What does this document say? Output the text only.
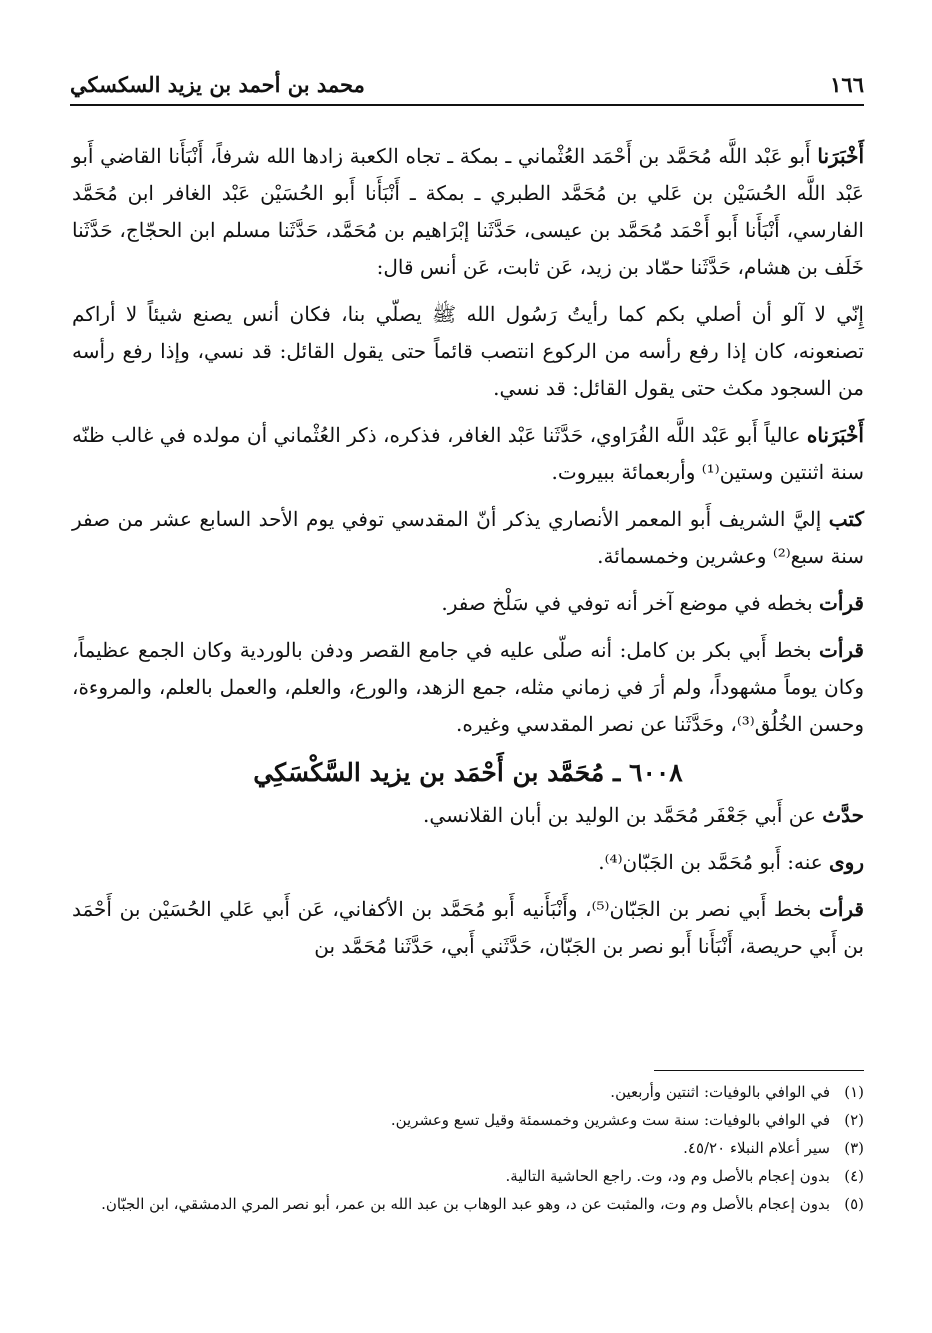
١٦٦
محمد بن أحمد بن يزيد السكسكي

أَخْبَرَنا أَبو عَبْد اللَّه مُحَمَّد بن أَحْمَد العُثْماني ـ بمكة ـ تجاه الكعبة زادها الله شرفاً، أَنْبَأَنا القاضي أَبو عَبْد اللَّه الحُسَيْن بن عَلي بن مُحَمَّد الطبري ـ بمكة ـ أَنْبَأَنا أَبو الحُسَيْن عَبْد الغافر ابن مُحَمَّد الفارسي، أَنْبَأَنا أَبو أَحْمَد مُحَمَّد بن عيسى، حَدَّثَنا إبْرَاهيم بن مُحَمَّد، حَدَّثَنا مسلم ابن الحجّاج، حَدَّثَنا خَلَف بن هشام، حَدَّثَنا حمّاد بن زيد، عَن ثابت، عَن أنس قال:

إِنّي لا آلو أن أصلي بكم كما رأيتُ رَسُول الله ﷺ يصلّي بنا، فكان أنس يصنع شيئاً لا أراكم تصنعونه، كان إذا رفع رأسه من الركوع انتصب قائماً حتى يقول القائل: قد نسي، وإذا رفع رأسه من السجود مكث حتى يقول القائل: قد نسي.

أَخْبَرَناه عالياً أَبو عَبْد اللَّه الفُرَاوي، حَدَّثَنا عَبْد الغافر، فذكره، ذكر العُثْماني أن مولده في غالب ظنّه سنة اثنتين وستين⁽¹⁾ وأربعمائة ببيروت.

كتب إليَّ الشريف أَبو المعمر الأنصاري يذكر أنّ المقدسي توفي يوم الأحد السابع عشر من صفر سنة سبع⁽²⁾ وعشرين وخمسمائة.

قرأت بخطه في موضع آخر أنه توفي في سَلْخ صفر.

قرأت بخط أَبي بكر بن كامل: أنه صلّى عليه في جامع القصر ودفن بالوردية وكان الجمع عظيماً، وكان يوماً مشهوداً، ولم أرَ في زماني مثله، جمع الزهد، والورع، والعلم، والعمل بالعلم، والمروءة، وحسن الخُلُق⁽³⁾، وحَدَّثَنا عن نصر المقدسي وغيره.

٦٠٠٨ ـ مُحَمَّد بن أَحْمَد بن يزيد السَّكْسَكِي

حدَّث عن أَبي جَعْفَر مُحَمَّد بن الوليد بن أبان القلانسي.

روى عنه: أَبو مُحَمَّد بن الجَبّان⁽⁴⁾.

قرأت بخط أَبي نصر بن الجَبّان⁽⁵⁾، وأَنْبَأَنيه أَبو مُحَمَّد بن الأكفاني، عَن أَبي عَلي الحُسَيْن بن أَحْمَد بن أَبي حريصة، أَنْبَأَنا أَبو نصر بن الجَبّان، حَدَّثَني أَبي، حَدَّثَنا مُحَمَّد بن

(١)
في الوافي بالوفيات: اثنتين وأربعين.
(٢)
في الوافي بالوفيات: سنة ست وعشرين وخمسمئة وقيل تسع وعشرين.
(٣)
سير أعلام النبلاء ٤٥/٢٠.
(٤)
بدون إعجام بالأصل وم ود، وت. راجع الحاشية التالية.
(٥)
بدون إعجام بالأصل وم وت، والمثبت عن د، وهو عبد الوهاب بن عبد الله بن عمر، أبو نصر المري الدمشقي، ابن الجبّان.
